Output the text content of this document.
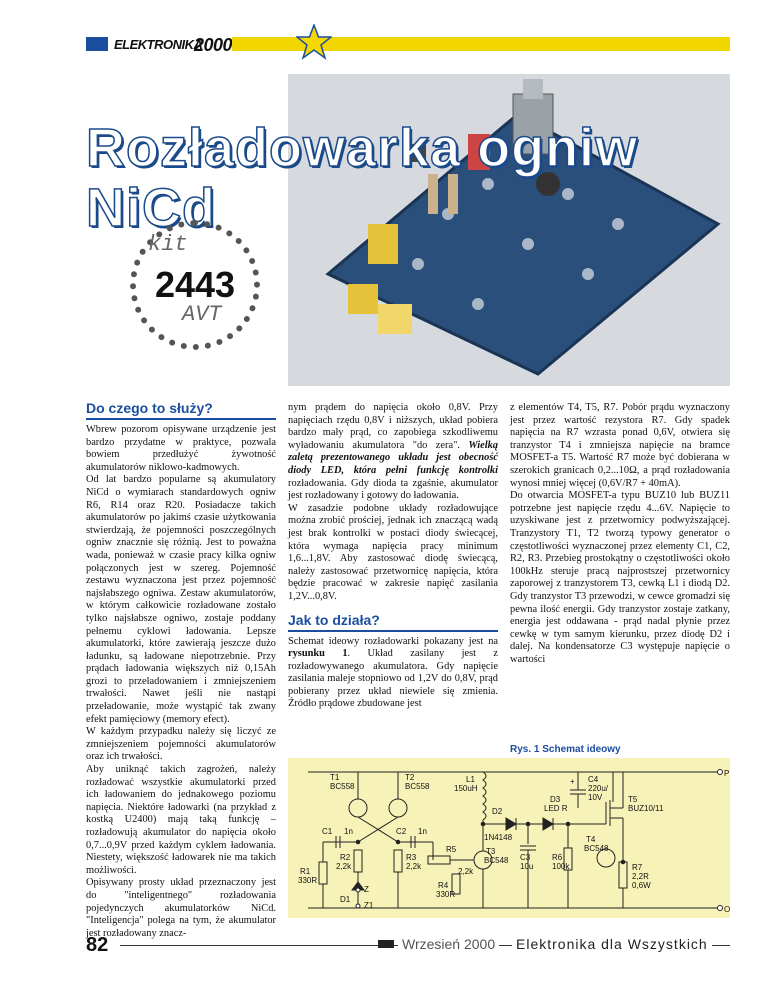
ELEKTRONIKA
2000
Rozładowarka ogniw NiCd
kit
2443
AVT
Do czego to służy?

Wbrew pozorom opisywane urządzenie jest bardzo przydatne w praktyce, pozwala bowiem przedłużyć żywotność akumulatorów niklowo-kadmowych.

Od lat bardzo popularne są akumulatory NiCd o wymiarach standardowych ogniw R6, R14 oraz R20. Posiadacze takich akumulatorów po jakimś czasie użytkowania stwierdzają, że pojemności poszczególnych ogniw znacznie się różnią. Jest to poważna wada, ponieważ w czasie pracy kilka ogniw połączonych jest w szereg. Pojemność zestawu wyznaczona jest przez pojemność najsłabszego ogniwa. Zestaw akumulatorów, w którym całkowicie rozładowane zostało tylko najsłabsze ogniwo, zostaje poddany pełnemu cyklowi ładowania. Lepsze akumulatorki, które zawierają jeszcze dużo ładunku, są ładowane niepotrzebnie. Przy prądach ładowania większych niż 0,15Ah grozi to przeładowaniem i zmniejszeniem trwałości. Nawet jeśli nie nastąpi przeładowanie, może wystąpić tak zwany efekt pamięciowy (memory efect).

W każdym przypadku należy się liczyć ze zmniejszeniem pojemności akumulatorów oraz ich trwałości.

Aby uniknąć takich zagrożeń, należy rozładować wszystkie akumulatorki przed ich ładowaniem do jednakowego poziomu napięcia. Niektóre ładowarki (na przykład z kostką U2400) mają taką funkcję – rozładowują akumulator do napięcia około 0,7...0,9V przed każdym cyklem ładowania. Niestety, większość ładowarek nie ma takich możliwości.

Opisywany prosty układ przeznaczony jest do "inteligentnego" rozładowania pojedynczych akumulatorków NiCd. "Inteligencja" polega na tym, że akumulator jest rozładowany znacz-

nym prądem do napięcia około 0,8V. Przy napięciach rzędu 0,8V i niższych, układ pobiera bardzo mały prąd, co zapobiega szkodliwemu wyładowaniu akumulatora "do zera". Wielką zaletą prezentowanego układu jest obecność diody LED, która pełni funkcję kontrolki rozładowania. Gdy dioda ta zgaśnie, akumulator jest rozładowany i gotowy do ładowania.

W zasadzie podobne układy rozładowujące można zrobić prościej, jednak ich znaczącą wadą jest brak kontrolki w postaci diody świecącej, która wymaga napięcia pracy minimum 1,6...1,8V. Aby zastosować diodę świecącą, należy zastosować przetwornicę napięcia, która będzie pracować w zakresie napięć zasilania 1,2V...0,8V.

Jak to działa?

Schemat ideowy rozładowarki pokazany jest na rysunku 1. Układ zasilany jest z rozładowywanego akumulatora. Gdy napięcie zasilania maleje stopniowo od 1,2V do 0,8V, prąd pobierany przez układ niewiele się zmienia. Źródło prądowe zbudowane jest

z elementów T4, T5, R7. Pobór prądu wyznaczony jest przez wartość rezystora R7. Gdy spadek napięcia na R7 wzrasta ponad 0,6V, otwiera się tranzystor T4 i zmniejsza napięcie na bramce MOSFET-a T5. Wartość R7 może być dobierana w szerokich granicach 0,2...10Ω, a prąd rozładowania wynosi mniej więcej (0,6V/R7 + 40mA).

Do otwarcia MOSFET-a typu BUZ10 lub BUZ11 potrzebne jest napięcie rzędu 4...6V. Napięcie to uzyskiwane jest z przetwornicy podwyższającej. Tranzystory T1, T2 tworzą typowy generator o częstotliwości wyznaczonej przez elementy C1, C2, R2, R3. Przebieg prostokątny o częstotliwości około 100kHz steruje pracą najprostszej przetwornicy zaporowej z tranzystorem T3, cewką L1 i diodą D2. Gdy tranzystor T3 przewodzi, w cewce gromadzi się pewna ilość energii. Gdy tranzystor zostaje zatkany, energia jest oddawana - prąd nadal płynie przez cewkę w tym samym kierunku, przez diodę D2 i dalej. Na kondensatorze C3 występuje napięcie o wartości

Rys. 1 Schemat ideowy
T1
BC558
T2
BC558
C1 1n	C2 1n
R2
2,2k
R3
2,2k
R1
330R
D1
Z
Z1
L1
150uH
D2
1N4148
D3
LED R
R5
2,2k
R4
330R
T3
BC548 C3
10u
R6
100k
C4
220u/
10V	T5
BUZ10/11
T4
BC548
R7
2,2R
0,6W
+
P
O
82	Wrzesień 2000 Elektronika dla Wszystkich
